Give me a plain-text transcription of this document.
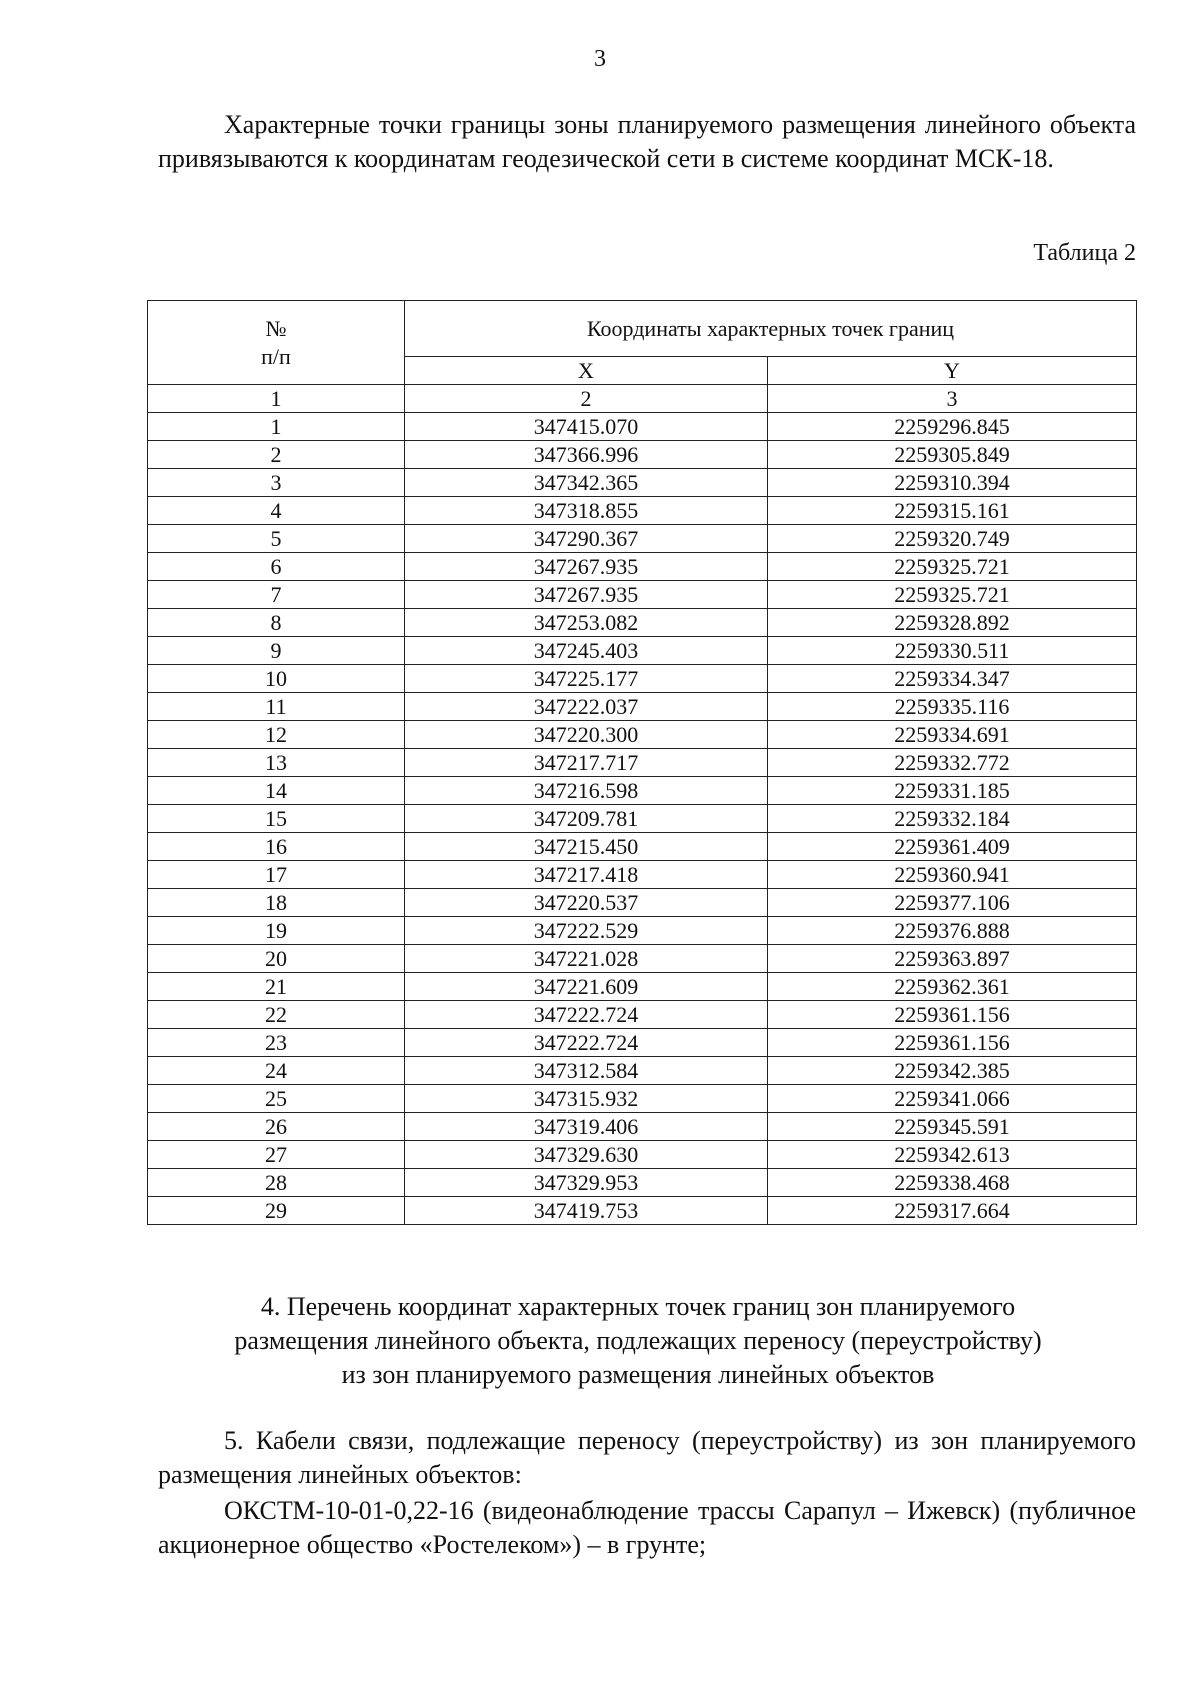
3

Характерные точки границы зоны планируемого размещения линейного объекта привязываются к координатам геодезической сети в системе координат МСК-18.

Таблица 2
№
п/п	Координаты характерных точек границ	
	X	Y
1	2	3
1	347415.070	2259296.845
2	347366.996	2259305.849
3	347342.365	2259310.394
4	347318.855	2259315.161
5	347290.367	2259320.749
6	347267.935	2259325.721
7	347267.935	2259325.721
8	347253.082	2259328.892
9	347245.403	2259330.511
10	347225.177	2259334.347
11	347222.037	2259335.116
12	347220.300	2259334.691
13	347217.717	2259332.772
14	347216.598	2259331.185
15	347209.781	2259332.184
16	347215.450	2259361.409
17	347217.418	2259360.941
18	347220.537	2259377.106
19	347222.529	2259376.888
20	347221.028	2259363.897
21	347221.609	2259362.361
22	347222.724	2259361.156
23	347222.724	2259361.156
24	347312.584	2259342.385
25	347315.932	2259341.066
26	347319.406	2259345.591
27	347329.630	2259342.613
28	347329.953	2259338.468
29	347419.753	2259317.664
4. Перечень координат характерных точек границ зон планируемого
размещения линейного объекта, подлежащих переносу (переустройству)
из зон планируемого размещения линейных объектов

5. Кабели связи, подлежащие переносу (переустройству) из зон планируемого размещения линейных объектов:

ОКСТМ-10-01-0,22-16 (видеонаблюдение трассы Сарапул – Ижевск) (публичное акционерное общество «Ростелеком») – в грунте;
